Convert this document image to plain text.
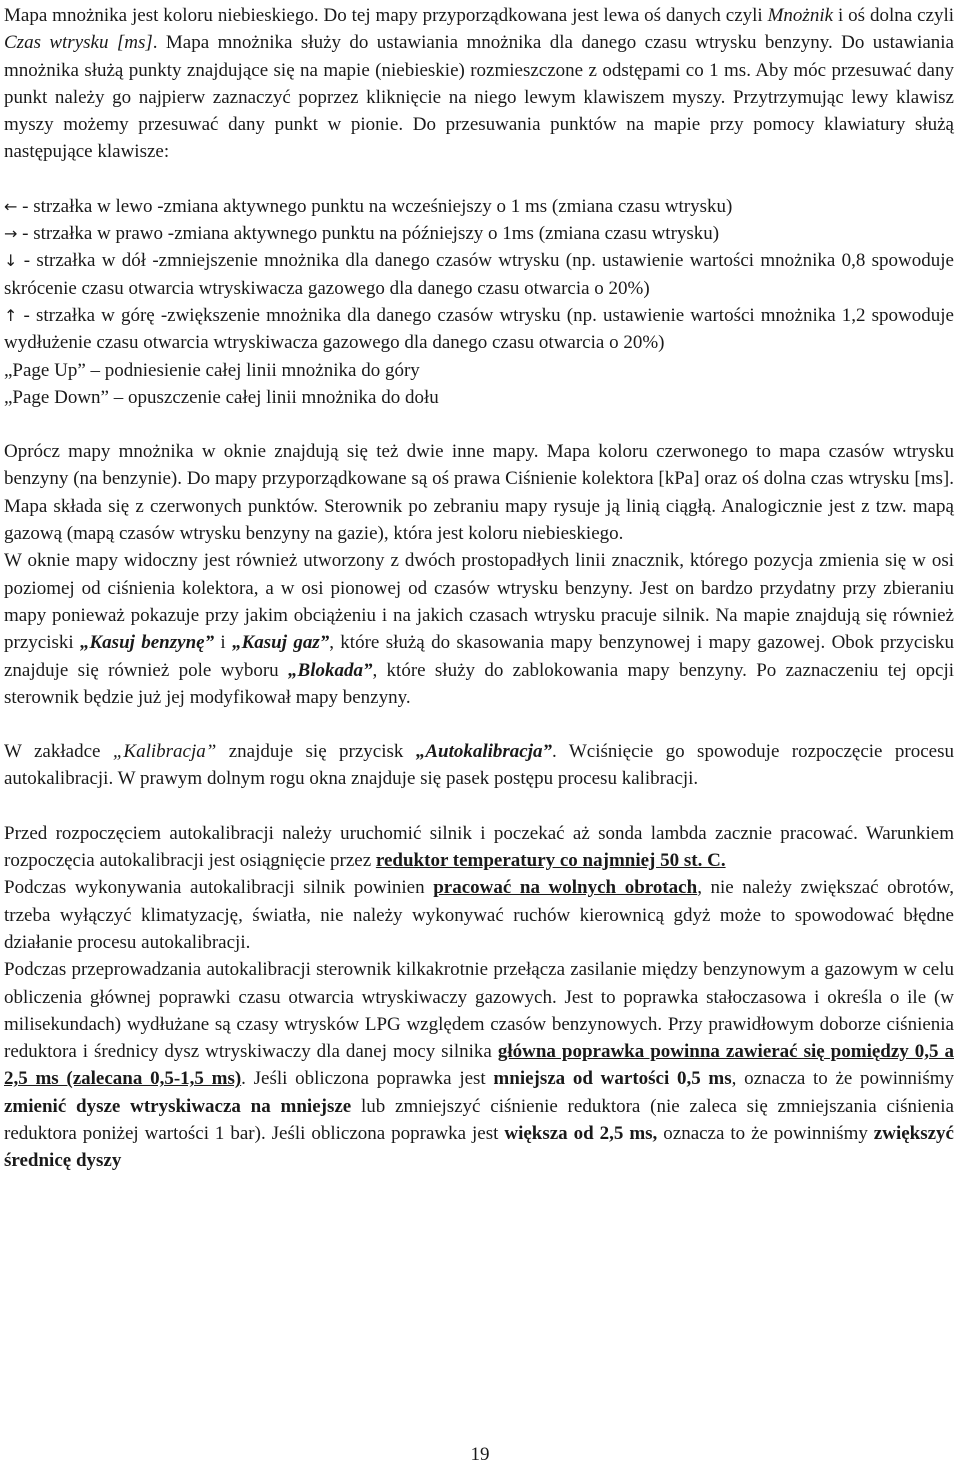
Mapa mnożnika jest koloru niebieskiego. Do tej mapy przyporządkowana jest lewa oś danych czyli Mnożnik i oś dolna czyli Czas wtrysku [ms]. Mapa mnożnika służy do ustawiania mnożnika dla danego czasu wtrysku benzyny. Do ustawiania mnożnika służą punkty znajdujące się na mapie (niebieskie) rozmieszczone z odstępami co 1 ms. Aby móc przesuwać dany punkt należy go najpierw zaznaczyć poprzez kliknięcie na niego lewym klawiszem myszy. Przytrzymując lewy klawisz myszy możemy przesuwać dany punkt w pionie. Do przesuwania punktów na mapie przy pomocy klawiatury służą następujące klawisze:

← - strzałka w lewo -zmiana aktywnego punktu na wcześniejszy o 1 ms (zmiana czasu wtrysku)

→ - strzałka w prawo -zmiana aktywnego punktu na późniejszy o 1ms (zmiana czasu wtrysku)

↓ - strzałka w dół -zmniejszenie mnożnika dla danego czasów wtrysku (np. ustawienie wartości mnożnika 0,8 spowoduje skrócenie czasu otwarcia wtryskiwacza gazowego dla danego czasu otwarcia o 20%)

↑ - strzałka w górę -zwiększenie mnożnika dla danego czasów wtrysku (np. ustawienie wartości mnożnika 1,2 spowoduje wydłużenie czasu otwarcia wtryskiwacza gazowego dla danego czasu otwarcia o 20%)

„Page Up” – podniesienie całej linii mnożnika do góry

„Page Down” – opuszczenie całej linii mnożnika do dołu

Oprócz mapy mnożnika w oknie znajdują się też dwie inne mapy. Mapa koloru czerwonego to mapa czasów wtrysku benzyny (na benzynie). Do mapy przyporządkowane są oś prawa Ciśnienie kolektora [kPa] oraz oś dolna czas wtrysku [ms]. Mapa składa się z czerwonych punktów. Sterownik po zebraniu mapy rysuje ją linią ciągłą. Analogicznie jest z tzw. mapą gazową (mapą czasów wtrysku benzyny na gazie), która jest koloru niebieskiego.

W oknie mapy widoczny jest również utworzony z dwóch prostopadłych linii znacznik, którego pozycja zmienia się w osi poziomej od ciśnienia kolektora, a w osi pionowej od czasów wtrysku benzyny. Jest on bardzo przydatny przy zbieraniu mapy ponieważ pokazuje przy jakim obciążeniu i na jakich czasach wtrysku pracuje silnik. Na mapie znajdują się również przyciski „Kasuj benzynę” i „Kasuj gaz”, które służą do skasowania mapy benzynowej i mapy gazowej. Obok przycisku znajduje się również pole wyboru „Blokada”, które służy do zablokowania mapy benzyny. Po zaznaczeniu tej opcji sterownik będzie już jej modyfikował mapy benzyny.

W zakładce „Kalibracja” znajduje się przycisk „Autokalibracja”. Wciśnięcie go spowoduje rozpoczęcie procesu autokalibracji. W prawym dolnym rogu okna znajduje się pasek postępu procesu kalibracji.

Przed rozpoczęciem autokalibracji należy uruchomić silnik i poczekać aż sonda lambda zacznie pracować. Warunkiem rozpoczęcia autokalibracji jest osiągnięcie przez reduktor temperatury co najmniej 50 st. C.

Podczas wykonywania autokalibracji silnik powinien pracować na wolnych obrotach, nie należy zwiększać obrotów, trzeba wyłączyć klimatyzację, światła, nie należy wykonywać ruchów kierownicą gdyż może to spowodować błędne działanie procesu autokalibracji.

Podczas przeprowadzania autokalibracji sterownik kilkakrotnie przełącza zasilanie między benzynowym a gazowym w celu obliczenia głównej poprawki czasu otwarcia wtryskiwaczy gazowych. Jest to poprawka stałoczasowa i określa o ile (w milisekundach) wydłużane są czasy wtrysków LPG względem czasów benzynowych. Przy prawidłowym doborze ciśnienia reduktora i średnicy dysz wtryskiwaczy dla danej mocy silnika główna poprawka powinna zawierać się pomiędzy 0,5 a 2,5 ms (zalecana 0,5-1,5 ms). Jeśli obliczona poprawka jest mniejsza od wartości 0,5 ms, oznacza to że powinniśmy zmienić dysze wtryskiwacza na mniejsze lub zmniejszyć ciśnienie reduktora (nie zaleca się zmniejszania ciśnienia reduktora poniżej wartości 1 bar). Jeśli obliczona poprawka jest większa od 2,5 ms, oznacza to że powinniśmy zwiększyć średnicę dyszy

19
